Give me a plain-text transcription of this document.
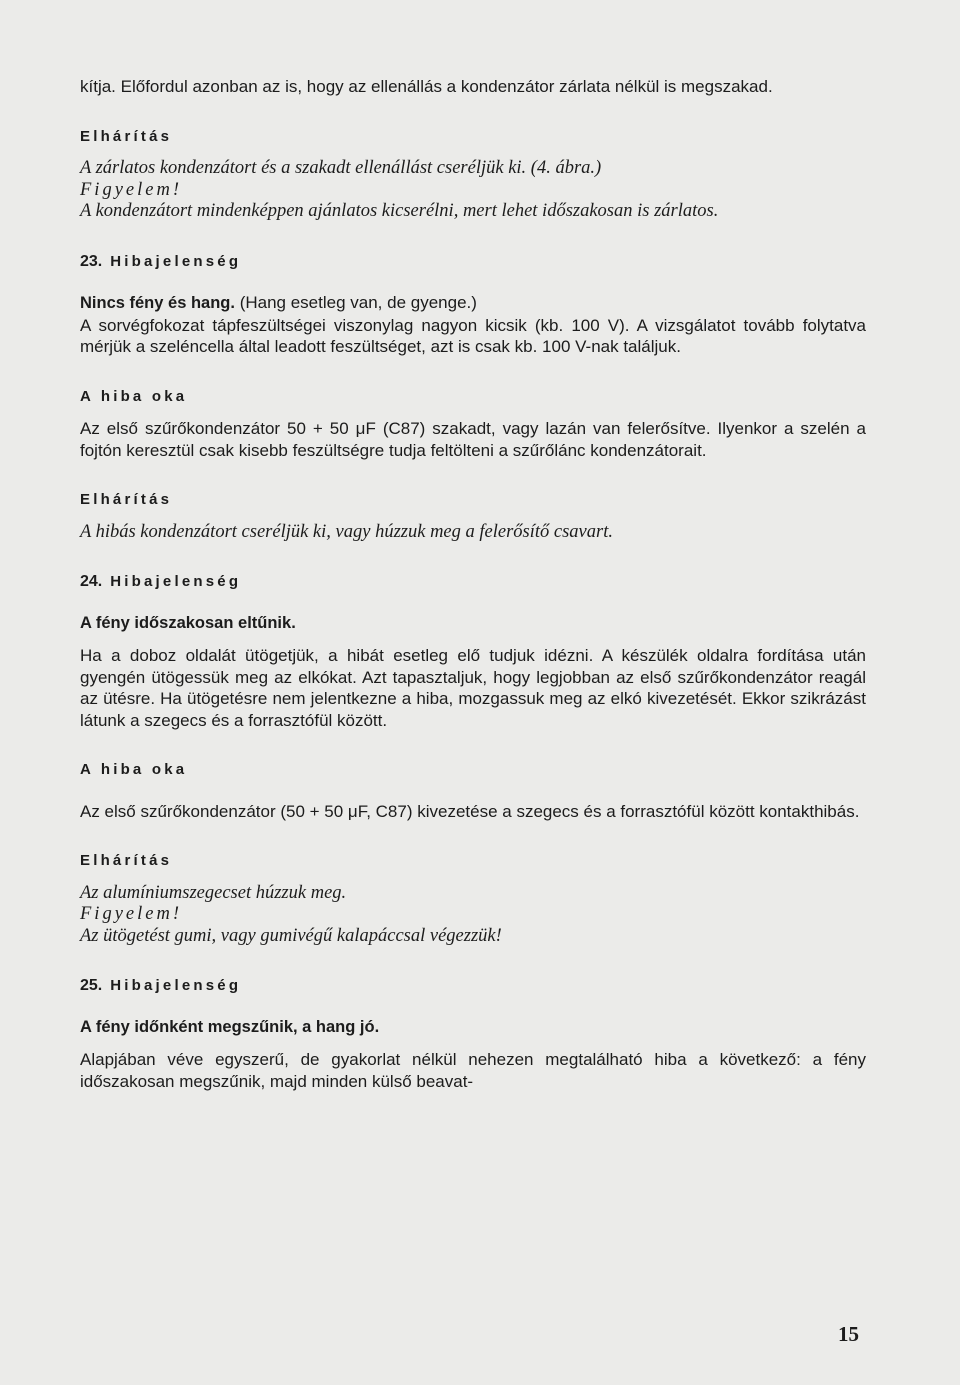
kítja. Előfordul azonban az is, hogy az ellenállás a kondenzátor zárlata nélkül is megszakad.

Elhárítás

A zárlatos kondenzátort és a szakadt ellenállást cseréljük ki. (4. ábra.)

Figyelem!

A kondenzátort mindenképpen ajánlatos kicserélni, mert lehet időszakosan is zárlatos.

23. Hibajelenség

Nincs fény és hang. (Hang esetleg van, de gyenge.)

A sorvégfokozat tápfeszültségei viszonylag nagyon kicsik (kb. 100 V). A vizsgálatot tovább folytatva mérjük a szeléncella által leadott feszültséget, azt is csak kb. 100 V-nak találjuk.

A hiba oka

Az első szűrőkondenzátor 50 + 50 μF (C87) szakadt, vagy lazán van felerősítve. Ilyenkor a szelén a fojtón keresztül csak kisebb feszültségre tudja feltölteni a szűrőlánc kondenzátorait.

Elhárítás

A hibás kondenzátort cseréljük ki, vagy húzzuk meg a felerősítő csavart.

24. Hibajelenség

A fény időszakosan eltűnik.

Ha a doboz oldalát ütögetjük, a hibát esetleg elő tudjuk idézni. A készülék oldalra fordítása után gyengén ütögessük meg az elkókat. Azt tapasztaljuk, hogy legjobban az első szűrőkondenzátor reagál az ütésre. Ha ütögetésre nem jelentkezne a hiba, mozgassuk meg az elkó kivezetését. Ekkor szikrázást látunk a szegecs és a forrasztófül között.

A hiba oka

Az első szűrőkondenzátor (50 + 50 μF, C87) kivezetése a szegecs és a forrasztófül között kontakthibás.

Elhárítás

Az alumíniumszegecset húzzuk meg.

Figyelem!

Az ütögetést gumi, vagy gumivégű kalapáccsal végezzük!

25. Hibajelenség

A fény időnként megszűnik, a hang jó.

Alapjában véve egyszerű, de gyakorlat nélkül nehezen megtalálható hiba a következő: a fény időszakosan megszűnik, majd minden külső beavat-

15
